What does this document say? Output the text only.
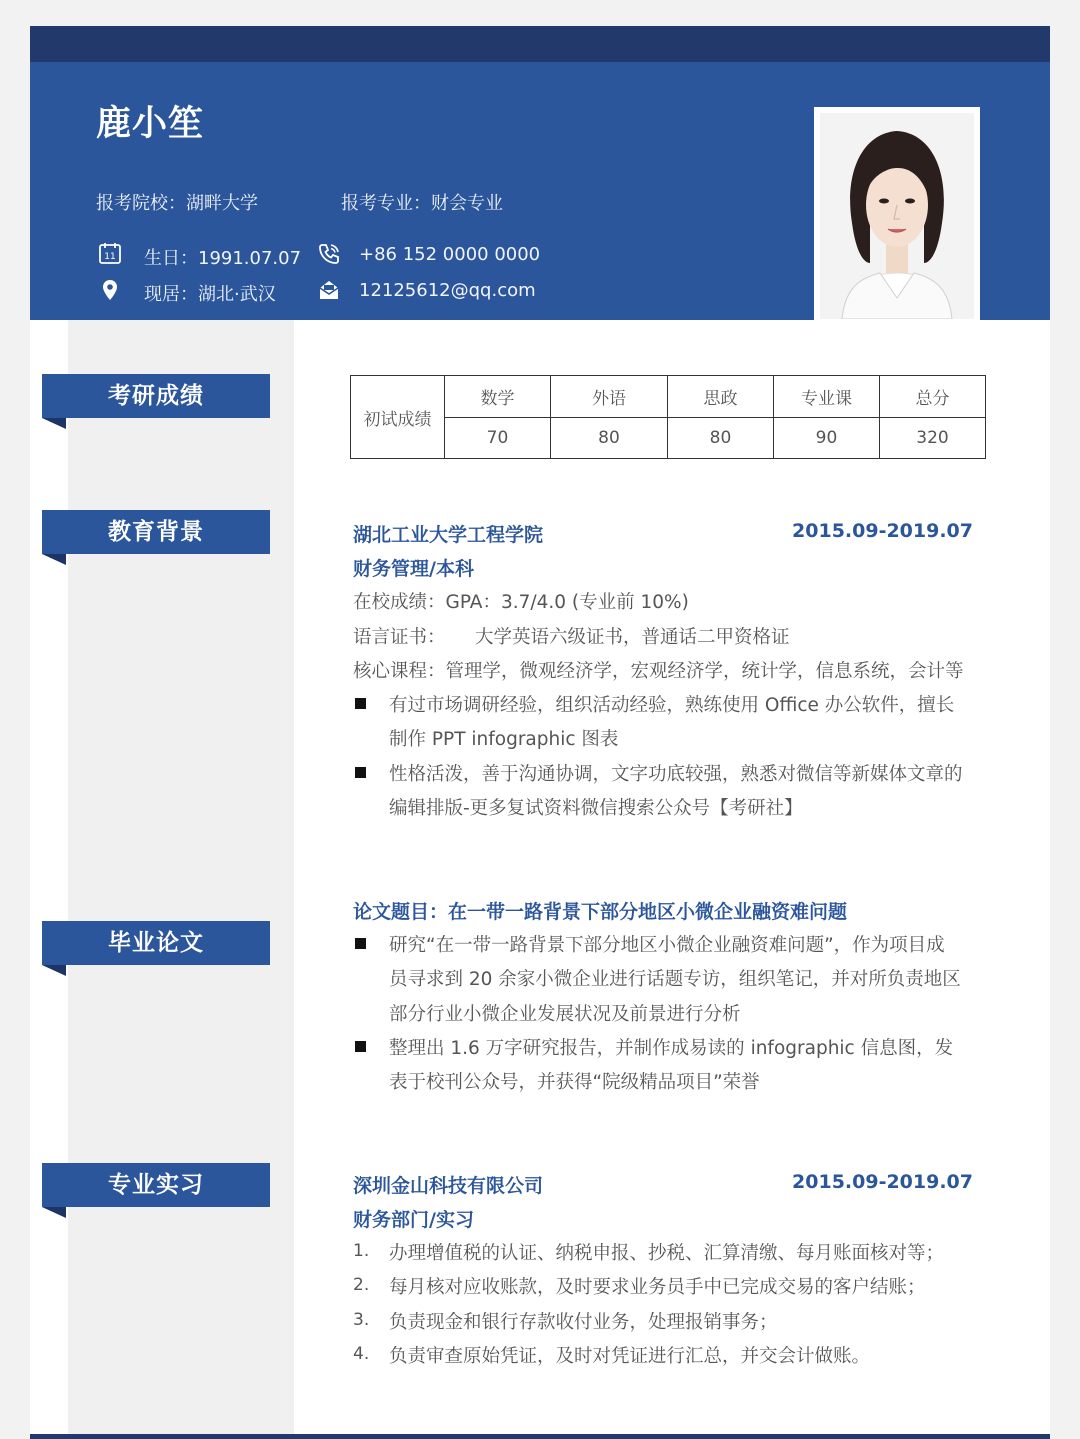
鹿小笙
报考院校：湖畔大学	报考专业：财会专业
11 生日：1991.07.07	+86 152 0000 0000
现居：湖北·武汉	12125612@qq.com
考研成绩
教育背景
毕业论文
专业实习
初试成绩	数学	外语	思政	专业课	总分
	70	80	80	90	320
湖北工业大学工程学院	2015.09-2019.07
财务管理/本科
在校成绩：GPA：3.7/4.0 (专业前 10%)
语言证书： 大学英语六级证书，普通话二甲资格证
核心课程：管理学，微观经济学，宏观经济学，统计学，信息系统，会计等
有过市场调研经验，组织活动经验，熟练使用 Office 办公软件，擅长
制作 PPT infographic 图表
性格活泼，善于沟通协调，文字功底较强，熟悉对微信等新媒体文章的
编辑排版-更多复试资料微信搜索公众号【考研社】
论文题目：在一带一路背景下部分地区小微企业融资难问题
研究“在一带一路背景下部分地区小微企业融资难问题”，作为项目成
员寻求到 20 余家小微企业进行话题专访，组织笔记，并对所负责地区
部分行业小微企业发展状况及前景进行分析
整理出 1.6 万字研究报告，并制作成易读的 infographic 信息图，发
表于校刊公众号，并获得“院级精品项目”荣誉
深圳金山科技有限公司	2015.09-2019.07
财务部门/实习
1. 办理增值税的认证、纳税申报、抄税、汇算清缴、每月账面核对等；
2. 每月核对应收账款，及时要求业务员手中已完成交易的客户结账；
3. 负责现金和银行存款收付业务，处理报销事务；
4. 负责审查原始凭证，及时对凭证进行汇总，并交会计做账。
